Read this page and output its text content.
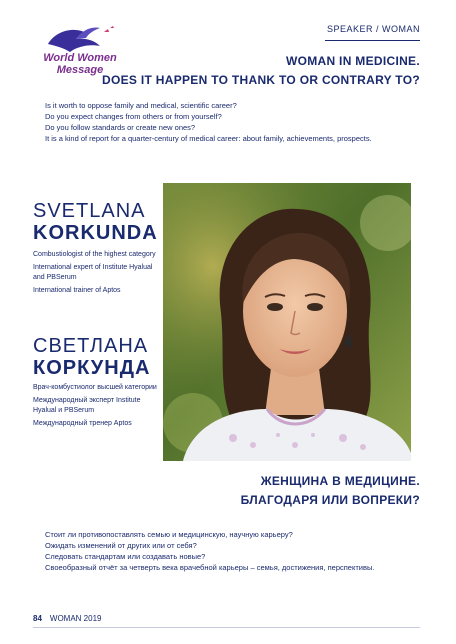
World Women Message
SPEAKER / WOMAN
WOMAN IN MEDICINE.
DOES IT HAPPEN TO THANK TO OR CONTRARY TO?
Is it worth to oppose family and medical, scientific career?
Do you expect changes from others or from yourself?
Do you follow standards or create new ones?
It is a kind of report for a quarter-century of medical career: about family, achievements, prospects.
SVETLANA
KORKUNDA
Combustiologist of the highest category
International expert of Institute Hyalual and PBSerum
International trainer of Aptos
СВЕТЛАНА
КОРКУНДА
Врач-комбустиолог высшей категории
Международный эксперт Institute Hyalual и PBSerum
Международный тренер Aptos
ЖЕНЩИНА В МЕДИЦИНЕ.
БЛАГОДАРЯ ИЛИ ВОПРЕКИ?
Стоит ли противопоставлять семью и медицинскую, научную карьеру?
Ожидать изменений от других или от себя?
Следовать стандартам или создавать новые?
Своеобразный отчёт за четверть века врачебной карьеры – семья, достижения, перспективы.
84 WOMAN 2019
